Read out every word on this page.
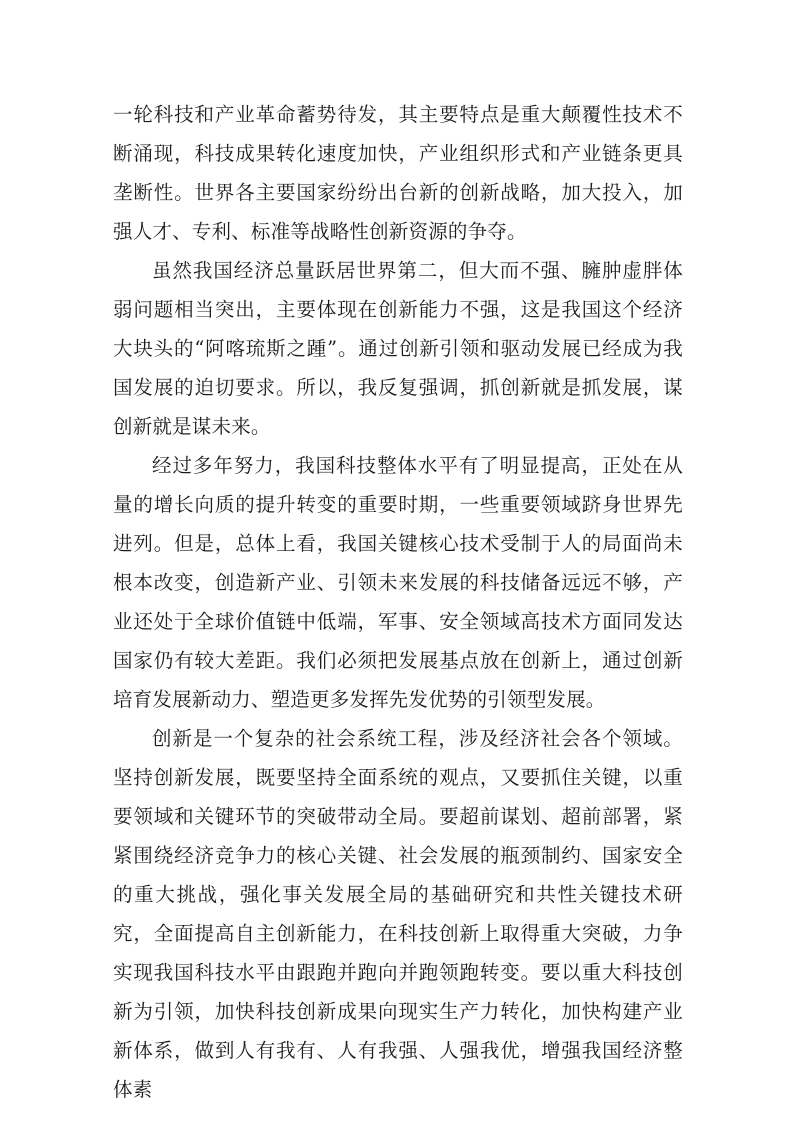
一轮科技和产业革命蓄势待发，其主要特点是重大颠覆性技术不断涌现，科技成果转化速度加快，产业组织形式和产业链条更具垄断性。世界各主要国家纷纷出台新的创新战略，加大投入，加强人才、专利、标准等战略性创新资源的争夺。

虽然我国经济总量跃居世界第二，但大而不强、臃肿虚胖体弱问题相当突出，主要体现在创新能力不强，这是我国这个经济大块头的“阿喀琉斯之踵”。通过创新引领和驱动发展已经成为我国发展的迫切要求。所以，我反复强调，抓创新就是抓发展，谋创新就是谋未来。

经过多年努力，我国科技整体水平有了明显提高，正处在从量的增长向质的提升转变的重要时期，一些重要领域跻身世界先进列。但是，总体上看，我国关键核心技术受制于人的局面尚未根本改变，创造新产业、引领未来发展的科技储备远远不够，产业还处于全球价值链中低端，军事、安全领域高技术方面同发达国家仍有较大差距。我们必须把发展基点放在创新上，通过创新培育发展新动力、塑造更多发挥先发优势的引领型发展。

创新是一个复杂的社会系统工程，涉及经济社会各个领域。坚持创新发展，既要坚持全面系统的观点，又要抓住关键，以重要领域和关键环节的突破带动全局。要超前谋划、超前部署，紧紧围绕经济竞争力的核心关键、社会发展的瓶颈制约、国家安全的重大挑战，强化事关发展全局的基础研究和共性关键技术研究，全面提高自主创新能力，在科技创新上取得重大突破，力争实现我国科技水平由跟跑并跑向并跑领跑转变。要以重大科技创新为引领，加快科技创新成果向现实生产力转化，加快构建产业新体系，做到人有我有、人有我强、人强我优，增强我国经济整体素
